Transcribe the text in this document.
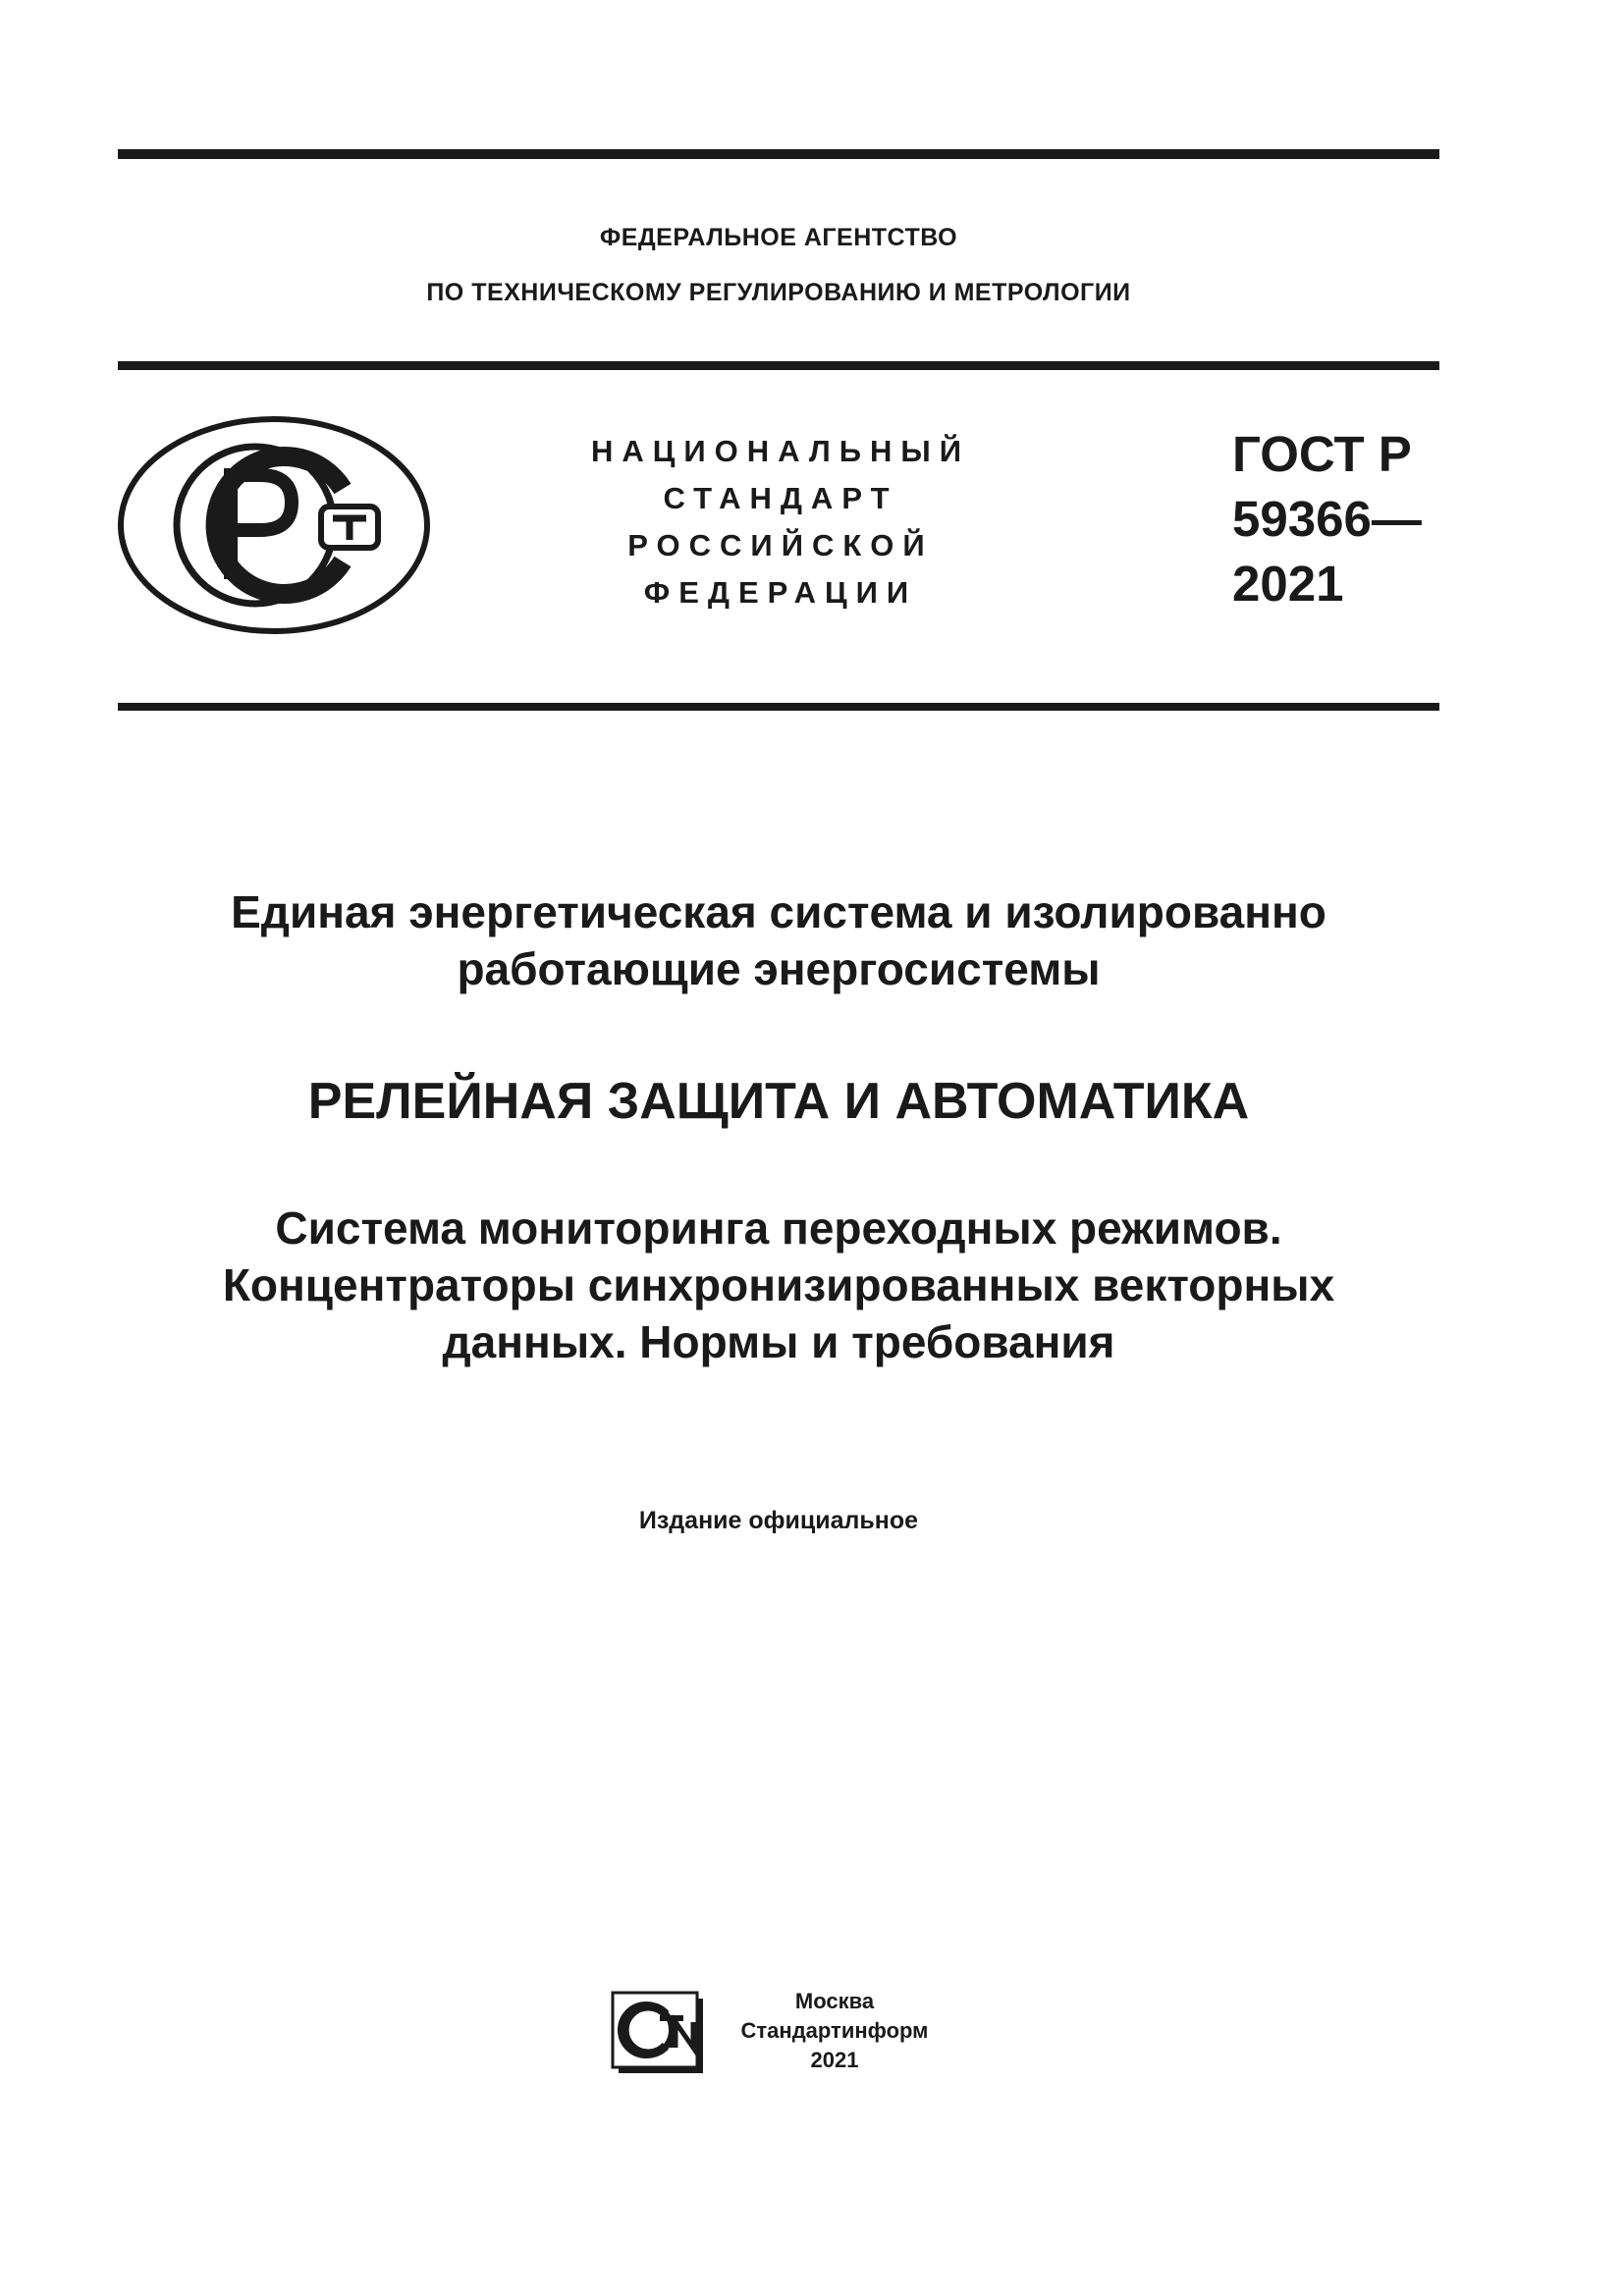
ФЕДЕРАЛЬНОЕ АГЕНТСТВО
ПО ТЕХНИЧЕСКОМУ РЕГУЛИРОВАНИЮ И МЕТРОЛОГИИ
НАЦИОНАЛЬНЫЙ
СТАНДАРТ
РОССИЙСКОЙ
ФЕДЕРАЦИИ
ГОСТ Р
59366—
2021
Единая энергетическая система и изолированно
работающие энергосистемы
РЕЛЕЙНАЯ ЗАЩИТА И АВТОМАТИКА
Система мониторинга переходных режимов.
Концентраторы синхронизированных векторных
данных. Нормы и требования
Издание официальное
Москва
Стандартинформ
2021
